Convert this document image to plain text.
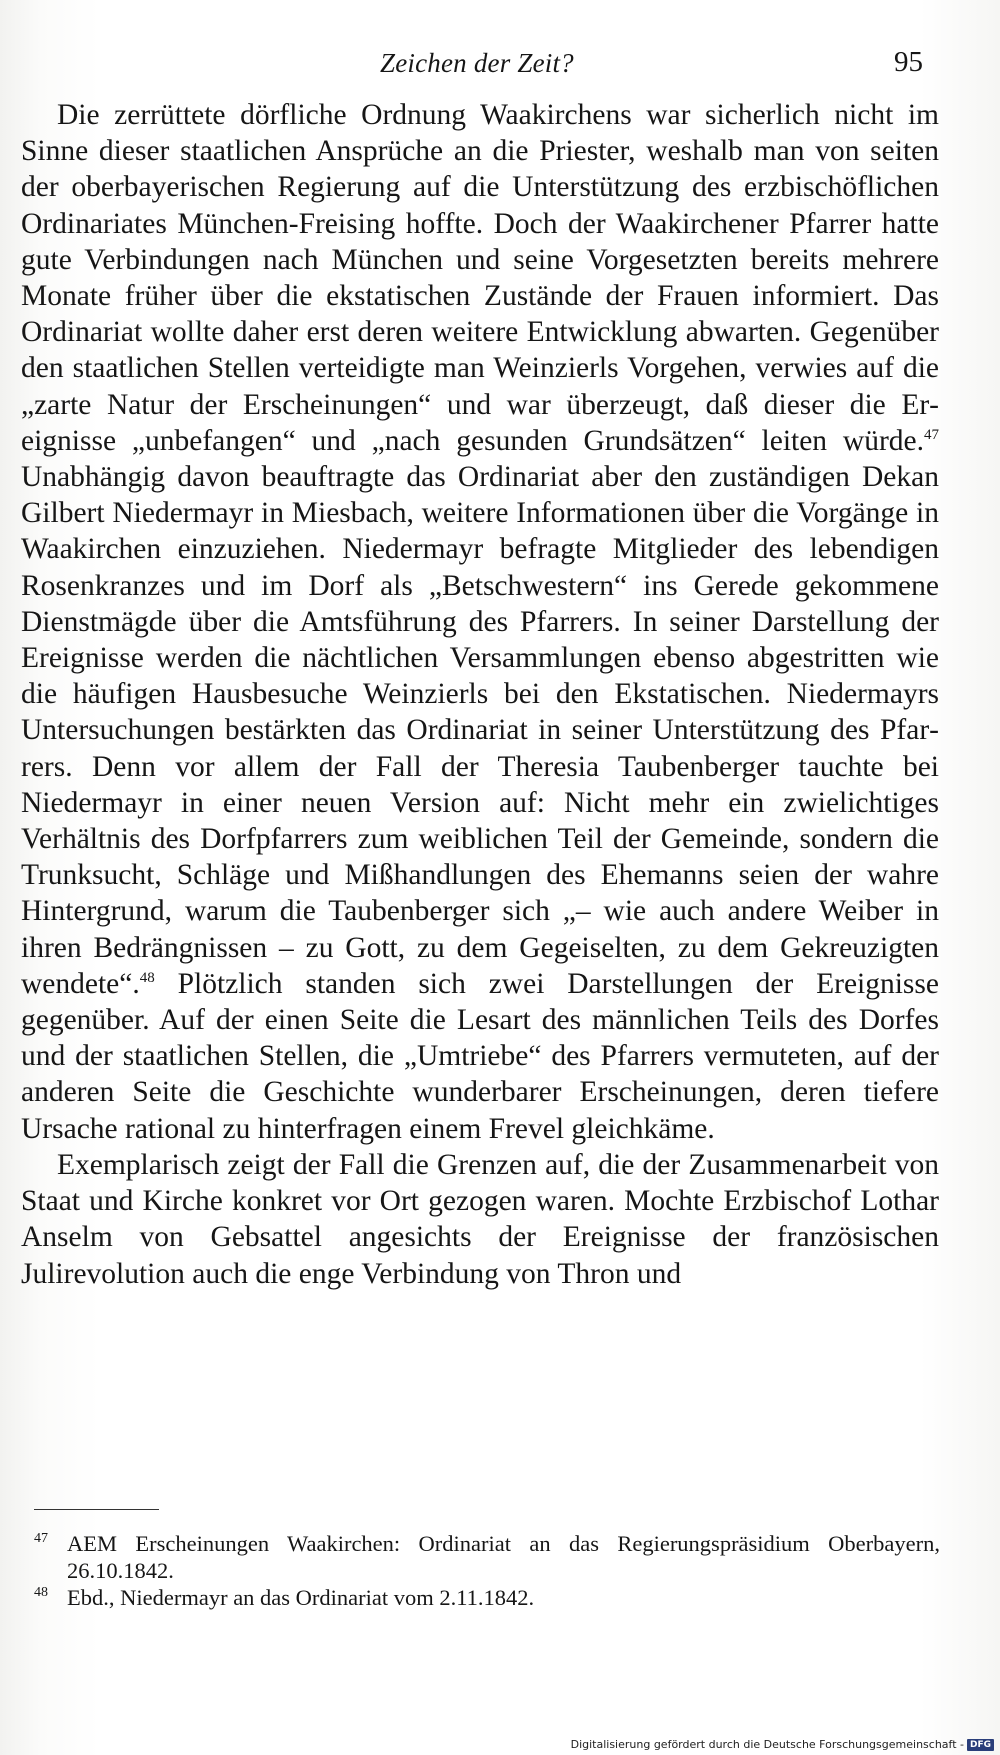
Zeichen der Zeit?	95

Die zerrüttete dörfliche Ordnung Waakirchens war sicherlich nicht im Sinne dieser staatlichen Ansprüche an die Priester, weshalb man von seiten der oberbayerischen Regierung auf die Unterstützung des erzbischöflichen Ordinariates München-Freising hoffte. Doch der Waakirchener Pfarrer hatte gute Verbindungen nach München und seine Vorgesetzten bereits mehrere Monate früher über die ekstatischen Zustände der Frauen informiert. Das Ordinariat wollte daher erst deren weitere Entwicklung abwarten. Gegenüber den staatlichen Stellen verteidigte man Weinzierls Vorgehen, verwies auf die „zarte Natur der Erscheinungen“ und war überzeugt, daß dieser die Ereignisse „unbefangen“ und „nach gesunden Grundsätzen“ leiten würde.$^{47}$ Unabhängig davon beauftragte das Ordinariat aber den zuständigen Dekan Gilbert Niedermayr in Miesbach, weitere Informationen über die Vorgänge in Waakirchen einzuziehen. Niedermayr befragte Mitglieder des lebendigen Rosenkranzes und im Dorf als „Betschwestern“ ins Gerede gekommene Dienstmägde über die Amtsführung des Pfarrers. In seiner Darstellung der Ereignisse werden die nächtlichen Versammlungen ebenso abgestritten wie die häufigen Hausbesuche Weinzierls bei den Ekstatischen. Niedermayrs Untersuchungen bestärkten das Ordinariat in seiner Unterstützung des Pfarrers. Denn vor allem der Fall der Theresia Taubenberger tauchte bei Niedermayr in einer neuen Version auf: Nicht mehr ein zwielichtiges Verhältnis des Dorfpfarrers zum weiblichen Teil der Gemeinde, sondern die Trunksucht, Schläge und Mißhandlungen des Ehemanns seien der wahre Hintergrund, warum die Taubenberger sich „– wie auch andere Weiber in ihren Bedrängnissen – zu Gott, zu dem Gegeiselten, zu dem Gekreuzigten wendete“.$^{48}$ Plötzlich standen sich zwei Darstellungen der Ereignisse gegenüber. Auf der einen Seite die Lesart des männlichen Teils des Dorfes und der staatlichen Stellen, die „Umtriebe“ des Pfarrers vermuteten, auf der anderen Seite die Geschichte wunderbarer Erscheinungen, deren tiefere Ursache rational zu hinterfragen einem Frevel gleichkäme.

Exemplarisch zeigt der Fall die Grenzen auf, die der Zusammenarbeit von Staat und Kirche konkret vor Ort gezogen waren. Mochte Erzbischof Lothar Anselm von Gebsattel angesichts der Ereignisse der französischen Julirevolution auch die enge Verbindung von Thron und

47 AEM Erscheinungen Waakirchen: Ordinariat an das Regierungspräsidium Oberbayern, 26.10.1842.
48 Ebd., Niedermayr an das Ordinariat vom 2.11.1842.
Digitalisierung gefördert durch die Deutsche Forschungsgemeinschaft - DFG
